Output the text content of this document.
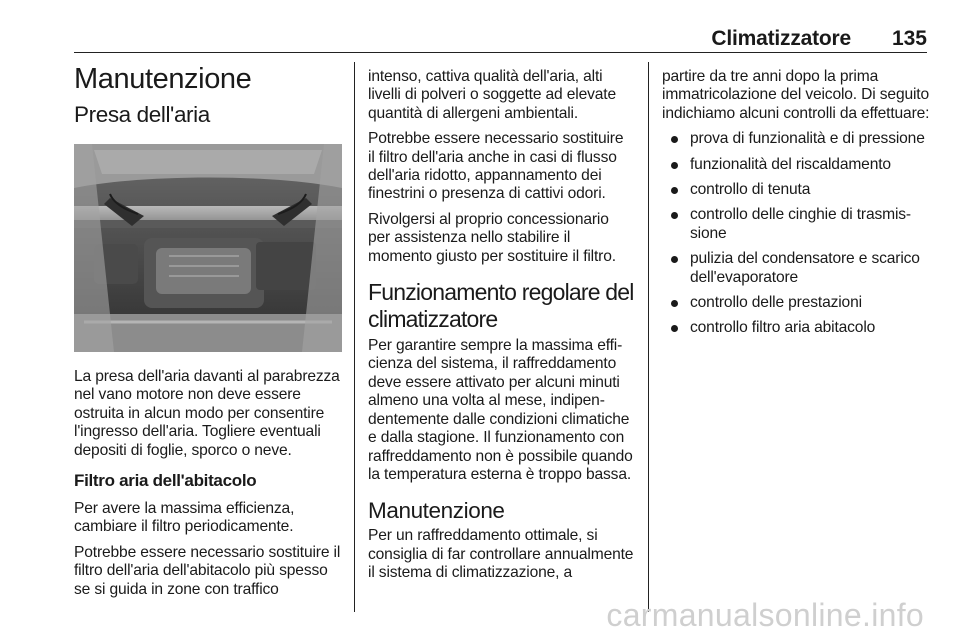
Climatizzatore 135
Manutenzione
Presa dell'aria

La presa dell'aria davanti al parabrezza nel vano motore non deve essere ostruita in alcun modo per consentire l'ingresso dell'aria. Togliere eventuali depositi di foglie, sporco o neve.

Filtro aria dell'abitacolo

Per avere la massima efficienza, cambiare il filtro periodicamente.

Potrebbe essere necessario sostituire il filtro dell'aria dell'abitacolo più spesso se si guida in zone con traffico

intenso, cattiva qualità dell'aria, alti livelli di polveri o soggette ad elevate quantità di allergeni ambientali.

Potrebbe essere necessario sostituire il filtro dell'aria anche in casi di flusso dell'aria ridotto, appannamento dei finestrini o presenza di cattivi odori.

Rivolgersi al proprio concessionario per assistenza nello stabilire il momento giusto per sostituire il filtro.

Funzionamento regolare del climatizzatore

Per garantire sempre la massima efficienza del sistema, il raffreddamento deve essere attivato per alcuni minuti almeno una volta al mese, indipendentemente dalle condizioni climatiche e dalla stagione. Il funzionamento con raffreddamento non è possibile quando la temperatura esterna è troppo bassa.

Manutenzione

Per un raffreddamento ottimale, si consiglia di far controllare annualmente il sistema di climatizzazione, a

partire da tre anni dopo la prima immatricolazione del veicolo. Di seguito indichiamo alcuni controlli da effettuare:

prova di funzionalità e di pressione
funzionalità del riscaldamento
controllo di tenuta
controllo delle cinghie di trasmissione
pulizia del condensatore e scarico dell'evaporatore
controllo delle prestazioni
controllo filtro aria abitacolo
carmanualsonline.info
